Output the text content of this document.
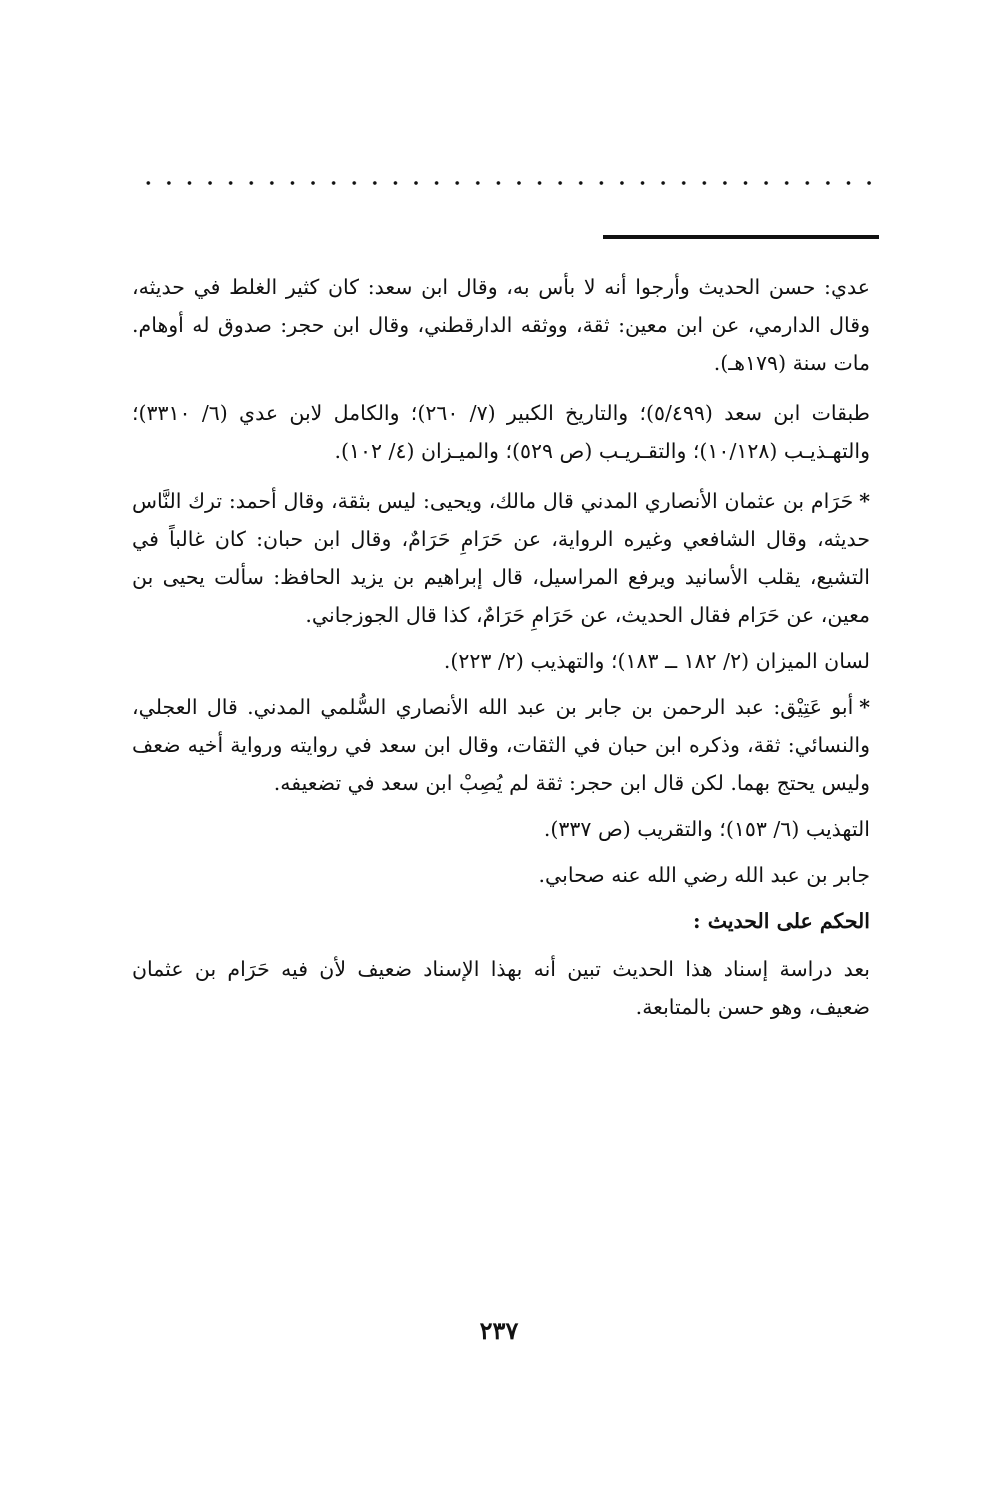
عدي: حسن الحديث وأرجوا أنه لا بأس به، وقال ابن سعد: كان كثير الغلط في حديثه، وقال الدارمي، عن ابن معين: ثقة، ووثقه الدارقطني، وقال ابن حجر: صدوق له أوهام. مات سنة (١٧٩هـ).

طبقات ابن سعد (٥/٤٩٩)؛ والتاريخ الكبير (٧/ ٢٦٠)؛ والكامل لابن عدي (٦/ ٣٣١٠)؛ والتهـذيـب (١٠/١٢٨)؛ والتقـريـب (ص ٥٢٩)؛ والميـزان (٤/ ١٠٢).

*حَرَام بن عثمان الأنصاري المدني قال مالك، ويحيى: ليس بثقة، وقال أحمد: ترك النَّاس حديثه، وقال الشافعي وغيره الرواية، عن حَرَامِ حَرَامٌ، وقال ابن حبان: كان غالباً في التشيع، يقلب الأسانيد ويرفع المراسيل، قال إبراهيم بن يزيد الحافظ: سألت يحيى بن معين، عن حَرَام فقال الحديث، عن حَرَامِ حَرَامٌ، كذا قال الجوزجاني.

لسان الميزان (٢/ ١٨٢ ــ ١٨٣)؛ والتهذيب (٢/ ٢٢٣).

*أبو عَتِيْق: عبد الرحمن بن جابر بن عبد الله الأنصاري السُّلمي المدني. قال العجلي، والنسائي: ثقة، وذكره ابن حبان في الثقات، وقال ابن سعد في روايته ورواية أخيه ضعف وليس يحتج بهما. لكن قال ابن حجر: ثقة لم يُصِبْ ابن سعد في تضعيفه.

التهذيب (٦/ ١٥٣)؛ والتقريب (ص ٣٣٧).

جابر بن عبد الله رضي الله عنه صحابي.

الحكم على الحديث :

بعد دراسة إسناد هذا الحديث تبين أنه بهذا الإسناد ضعيف لأن فيه حَرَام بن عثمان ضعيف، وهو حسن بالمتابعة.

٢٣٧
